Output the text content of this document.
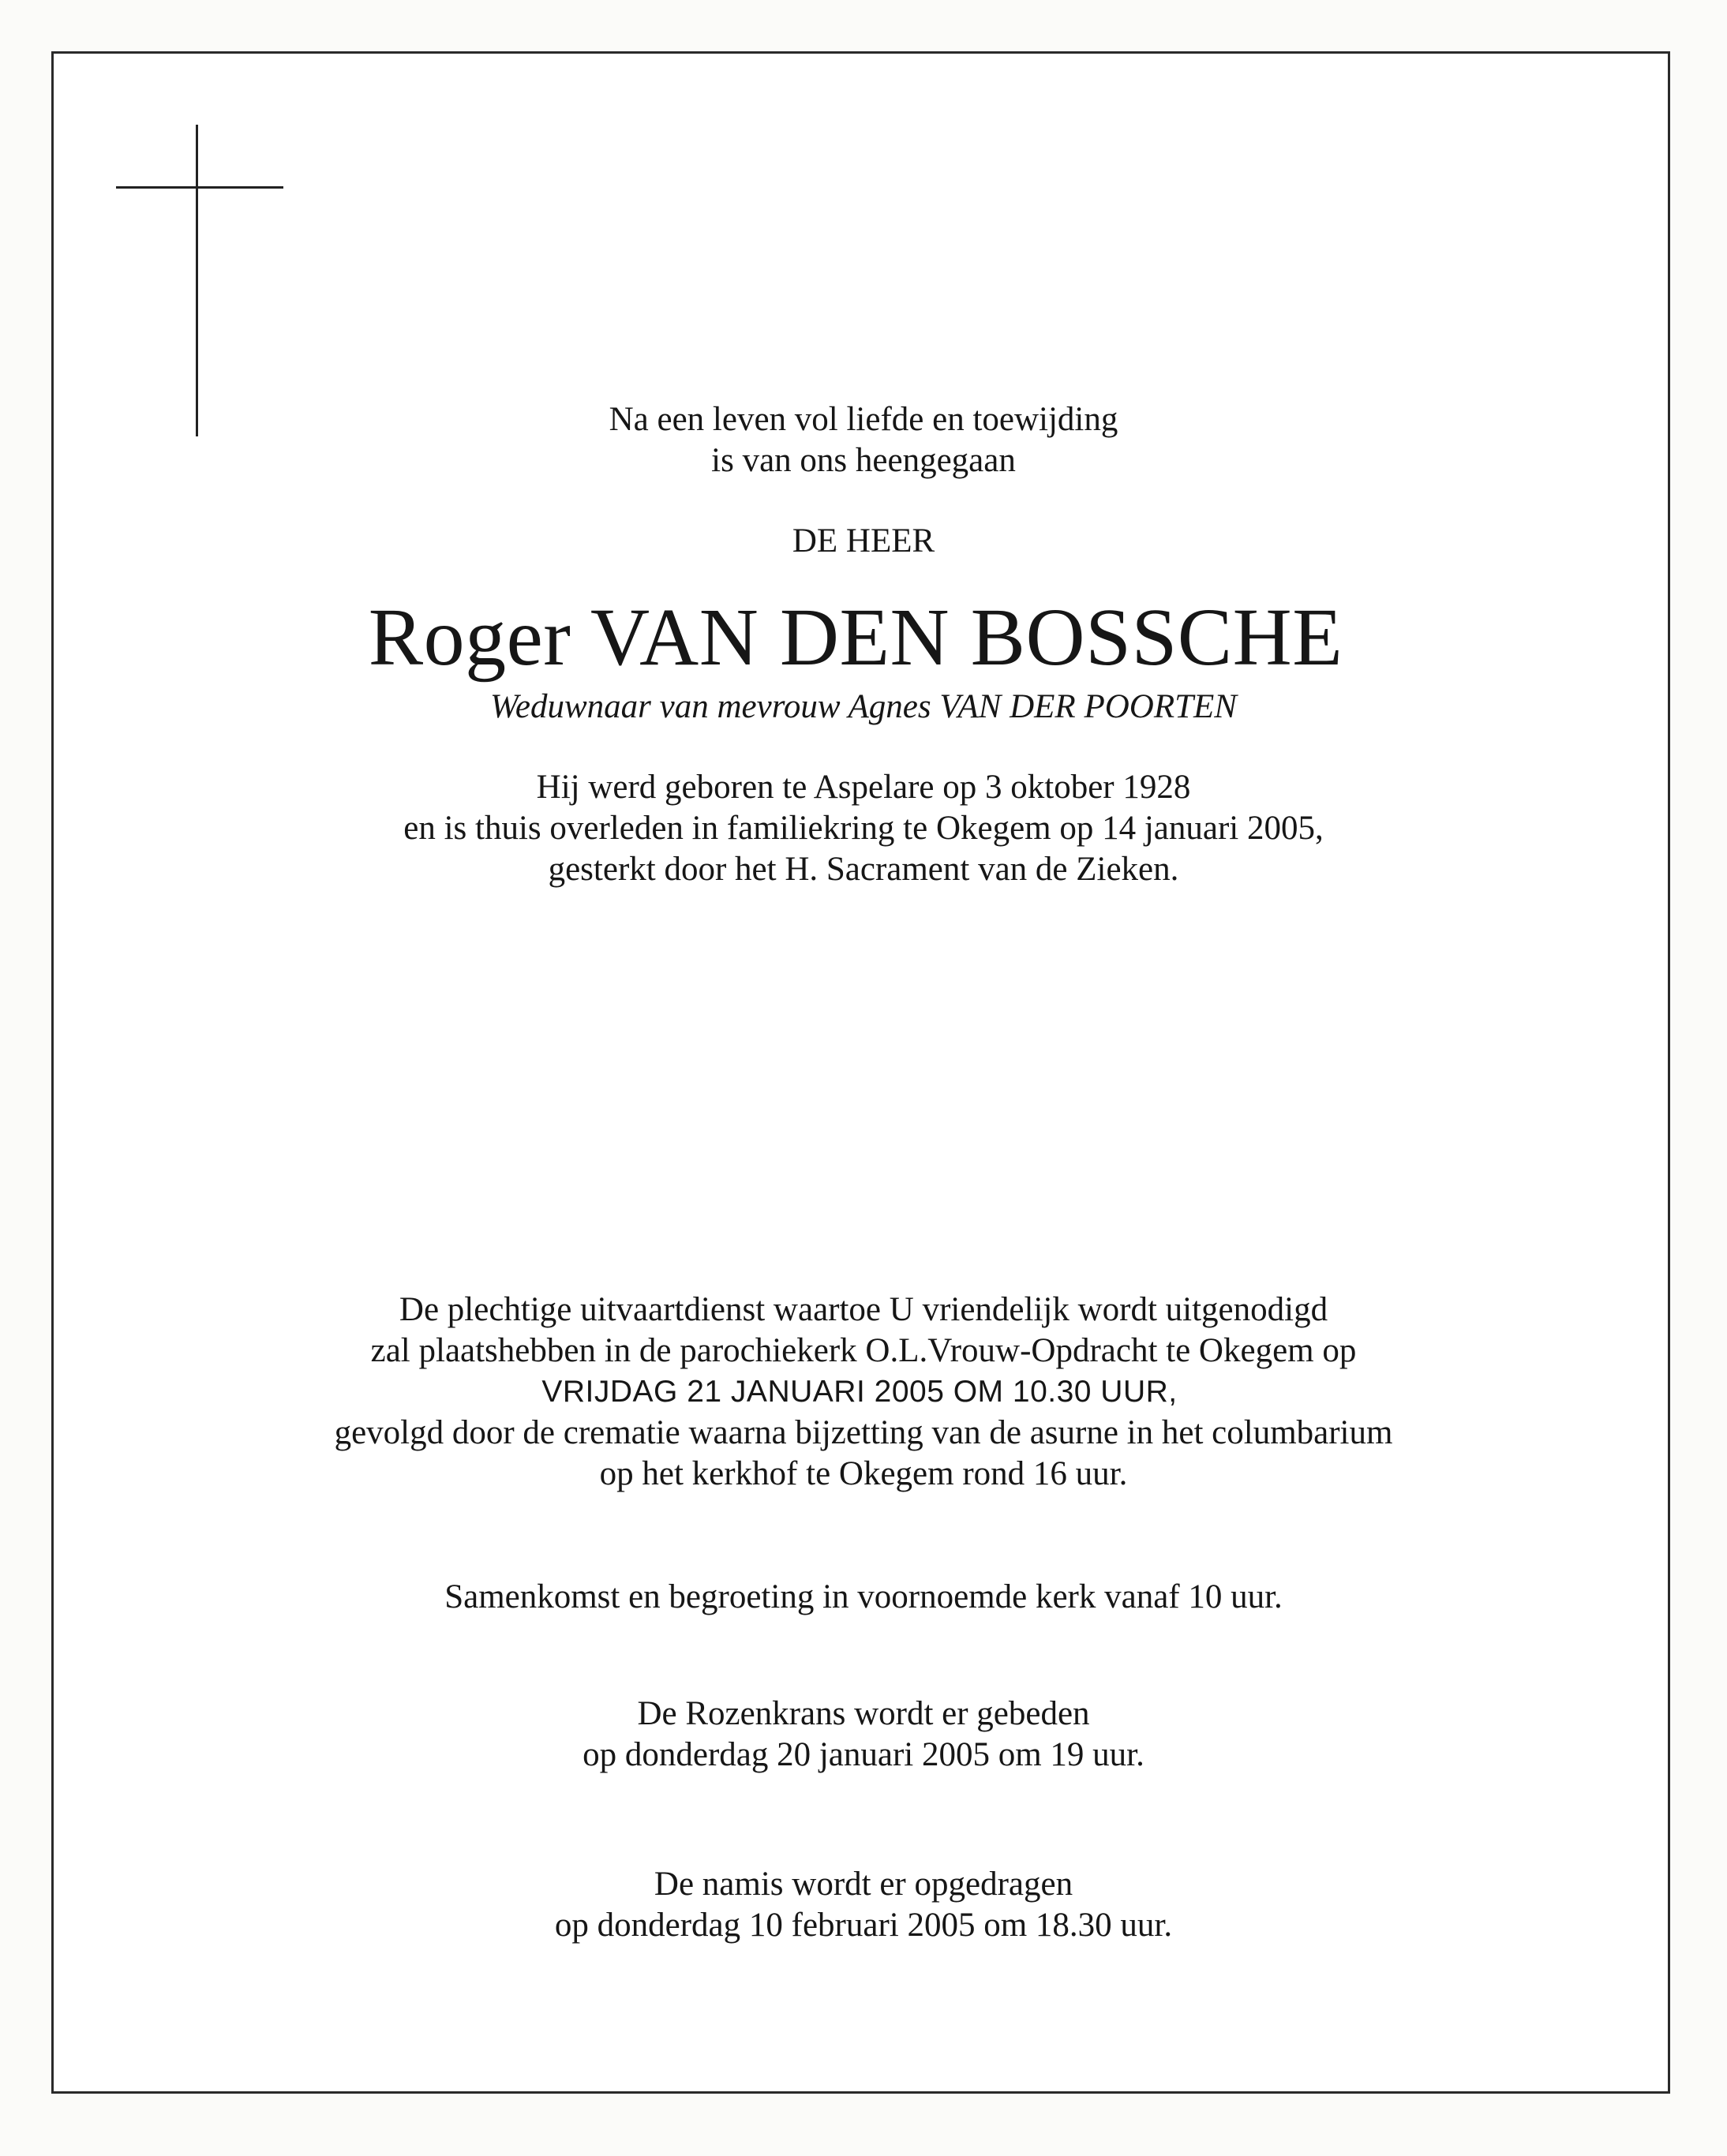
Na een leven vol liefde en toewijding
is van ons heengegaan
DE HEER
Roger VAN DEN BOSSCHE
Weduwnaar van mevrouw Agnes VAN DER POORTEN
Hij werd geboren te Aspelare op 3 oktober 1928
en is thuis overleden in familiekring te Okegem op 14 januari 2005,
gesterkt door het H. Sacrament van de Zieken.
De plechtige uitvaartdienst waartoe U vriendelijk wordt uitgenodigd
zal plaatshebben in de parochiekerk O.L.Vrouw-Opdracht te Okegem op
VRIJDAG 21 JANUARI 2005 OM 10.30 UUR,
gevolgd door de crematie waarna bijzetting van de asurne in het columbarium
op het kerkhof te Okegem rond 16 uur.
Samenkomst en begroeting in voornoemde kerk vanaf 10 uur.
De Rozenkrans wordt er gebeden
op donderdag 20 januari 2005 om 19 uur.
De namis wordt er opgedragen
op donderdag 10 februari 2005 om 18.30 uur.
